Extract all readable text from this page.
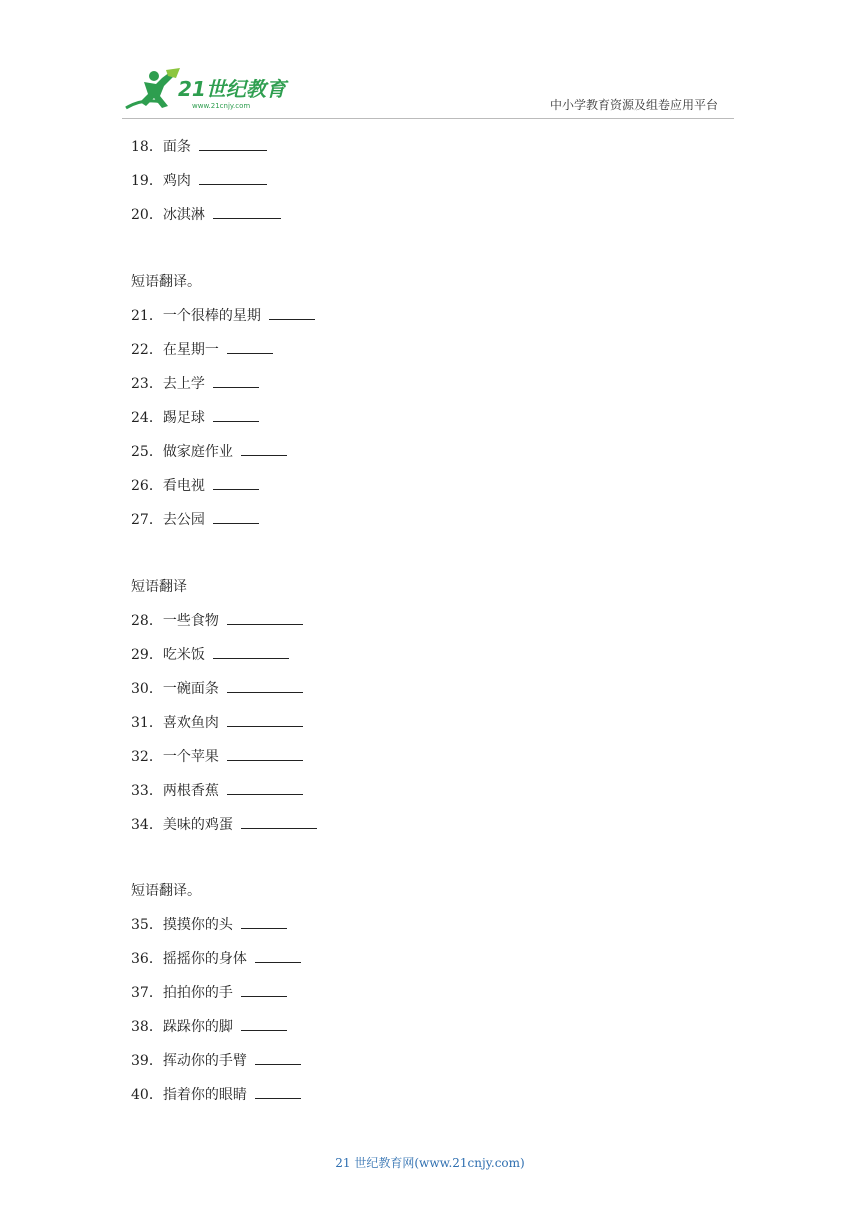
21世纪教育
www.21cnjy.com	中小学教育资源及组卷应用平台
18．面条
19．鸡肉
20．冰淇淋
短语翻译。
21．一个很棒的星期
22．在星期一
23．去上学
24．踢足球
25．做家庭作业
26．看电视
27．去公园
短语翻译
28．一些食物
29．吃米饭
30．一碗面条
31．喜欢鱼肉
32．一个苹果
33．两根香蕉
34．美味的鸡蛋
短语翻译。
35．摸摸你的头
36．摇摇你的身体
37．拍拍你的手
38．跺跺你的脚
39．挥动你的手臂
40．指着你的眼睛
21 世纪教育网(www.21cnjy.com)
